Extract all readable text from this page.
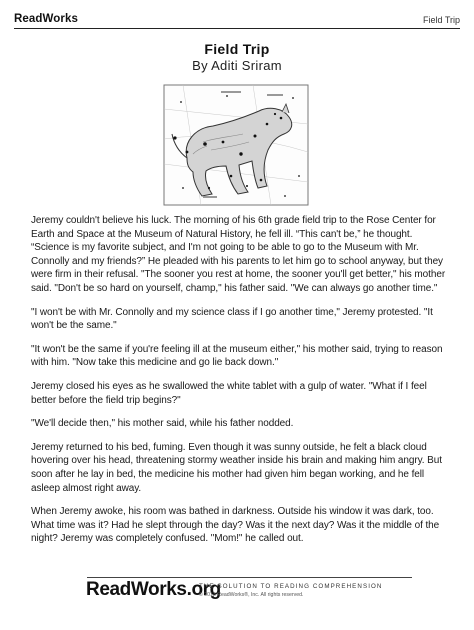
ReadWorks	Field Trip
Field Trip
By Aditi Sriram

Jeremy couldn't believe his luck. The morning of his 6th grade field trip to the Rose Center for Earth and Space at the Museum of Natural History, he fell ill. “This can't be,” he thought. “Science is my favorite subject, and I'm not going to be able to go to the Museum with Mr. Connolly and my friends?” He pleaded with his parents to let him go to school anyway, but they were firm in their refusal. "The sooner you rest at home, the sooner you'll get better," his mother said. "Don't be so hard on yourself, champ," his father said. "We can always go another time."

"I won't be with Mr. Connolly and my science class if I go another time," Jeremy protested. "It won't be the same."

"It won't be the same if you're feeling ill at the museum either," his mother said, trying to reason with him. "Now take this medicine and go lie back down."

Jeremy closed his eyes as he swallowed the white tablet with a gulp of water. "What if I feel better before the field trip begins?"

"We'll decide then," his mother said, while his father nodded.

Jeremy returned to his bed, fuming. Even though it was sunny outside, he felt a black cloud hovering over his head, threatening stormy weather inside his brain and making him angry. But soon after he lay in bed, the medicine his mother had given him began working, and he fell asleep almost right away.

When Jeremy awoke, his room was bathed in darkness. Outside his window it was dark, too. What time was it? Had he slept through the day? Was it the next day? Was it the middle of the night? Jeremy was completely confused. "Mom!" he called out.

ReadWorks.org
THE SOLUTION TO READING COMPREHENSION
© 2013 ReadWorks®, Inc. All rights reserved.
